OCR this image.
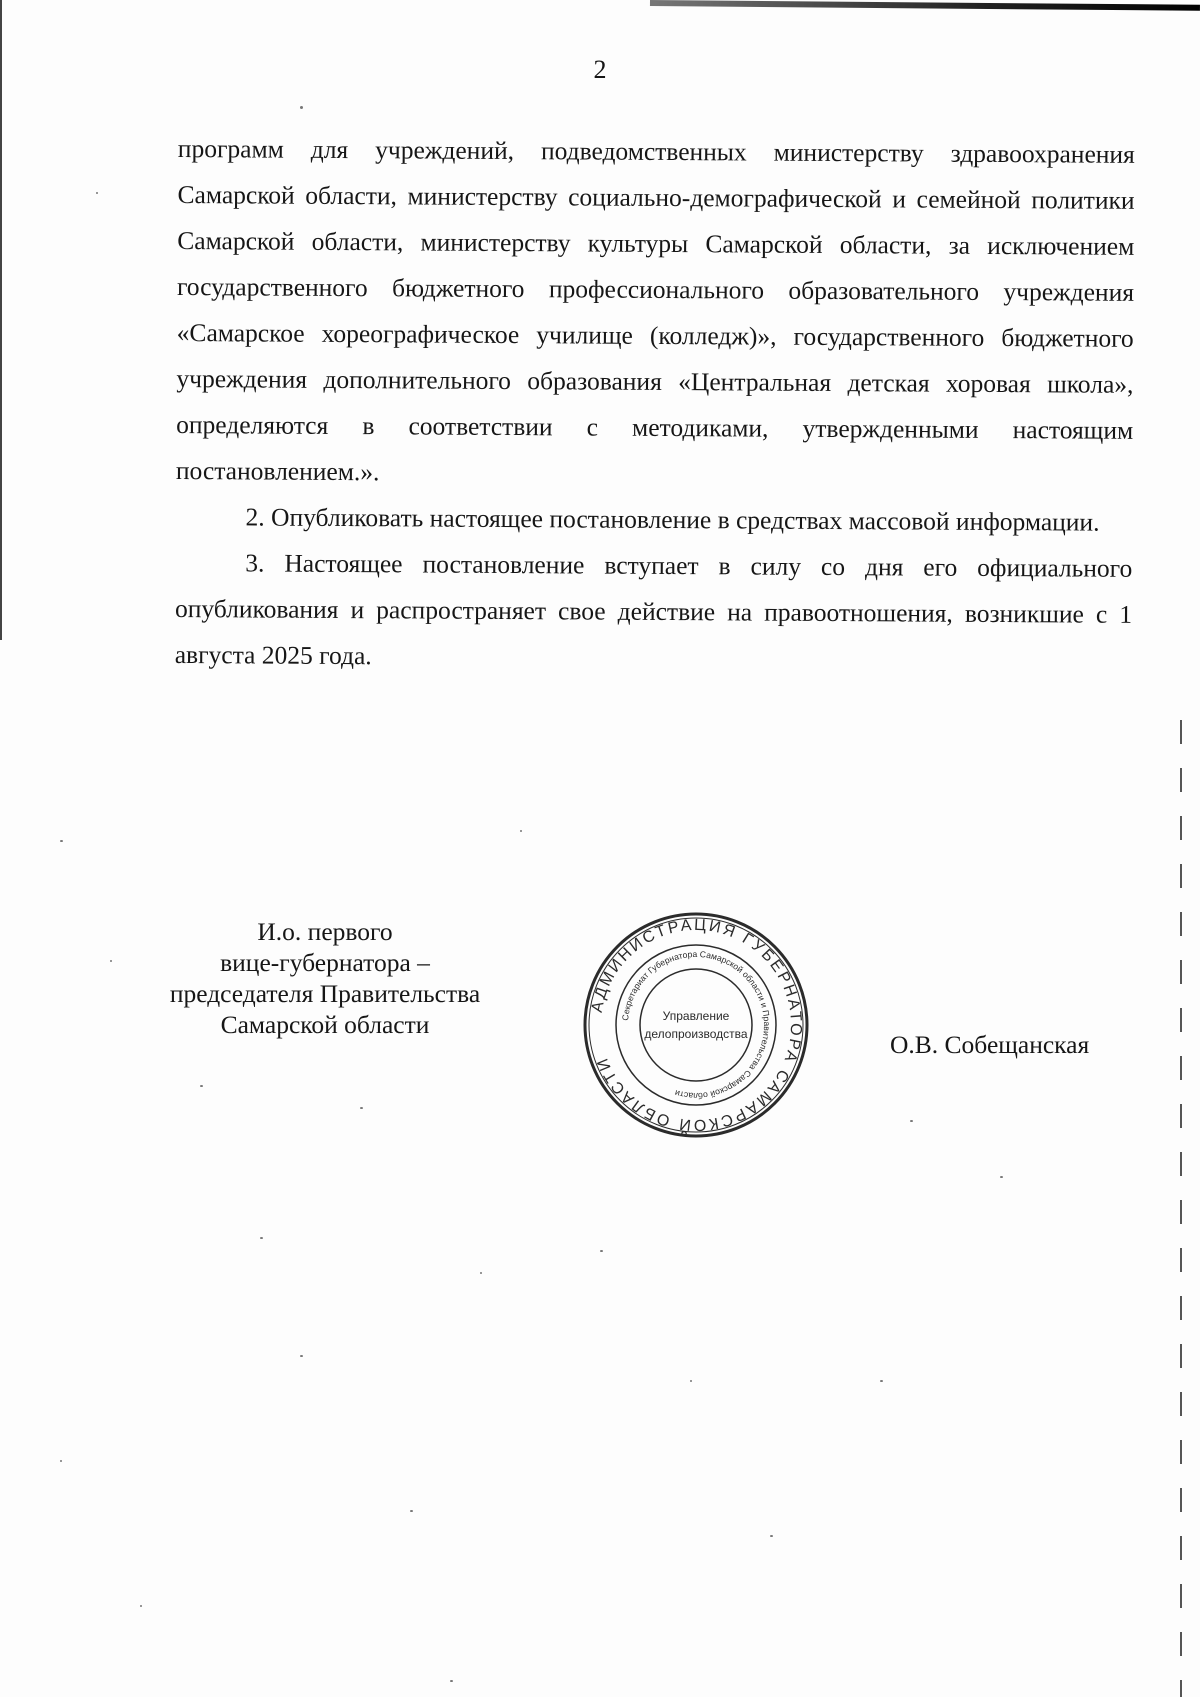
2

программ для учреждений, подведомственных министерству здравоохранения Самарской области, министерству социально-демографической и семейной политики Самарской области, министерству культуры Самарской области, за исключением государственного бюджетного профессионального образовательного учреждения «Самарское хореографическое училище (колледж)», государственного бюджетного учреждения дополнительного образования «Центральная детская хоровая школа», определяются в соответствии с методиками, утвержденными настоящим постановлением.».

2. Опубликовать настоящее постановление в средствах массовой информации.

3. Настоящее постановление вступает в силу со дня его официального опубликования и распространяет свое действие на правоотношения, возникшие с 1 августа 2025 года.

И.о. первого
вице-губернатора –
председателя Правительства
Самарской области
АДМИНИСТРАЦИЯ ГУБЕРНАТОРА САМАРСКОЙ ОБЛАСТИ
Секретариат Губернатора Самарской области и Правительства Самарской области
Управление
делопроизводства	О.В. Собещанская
